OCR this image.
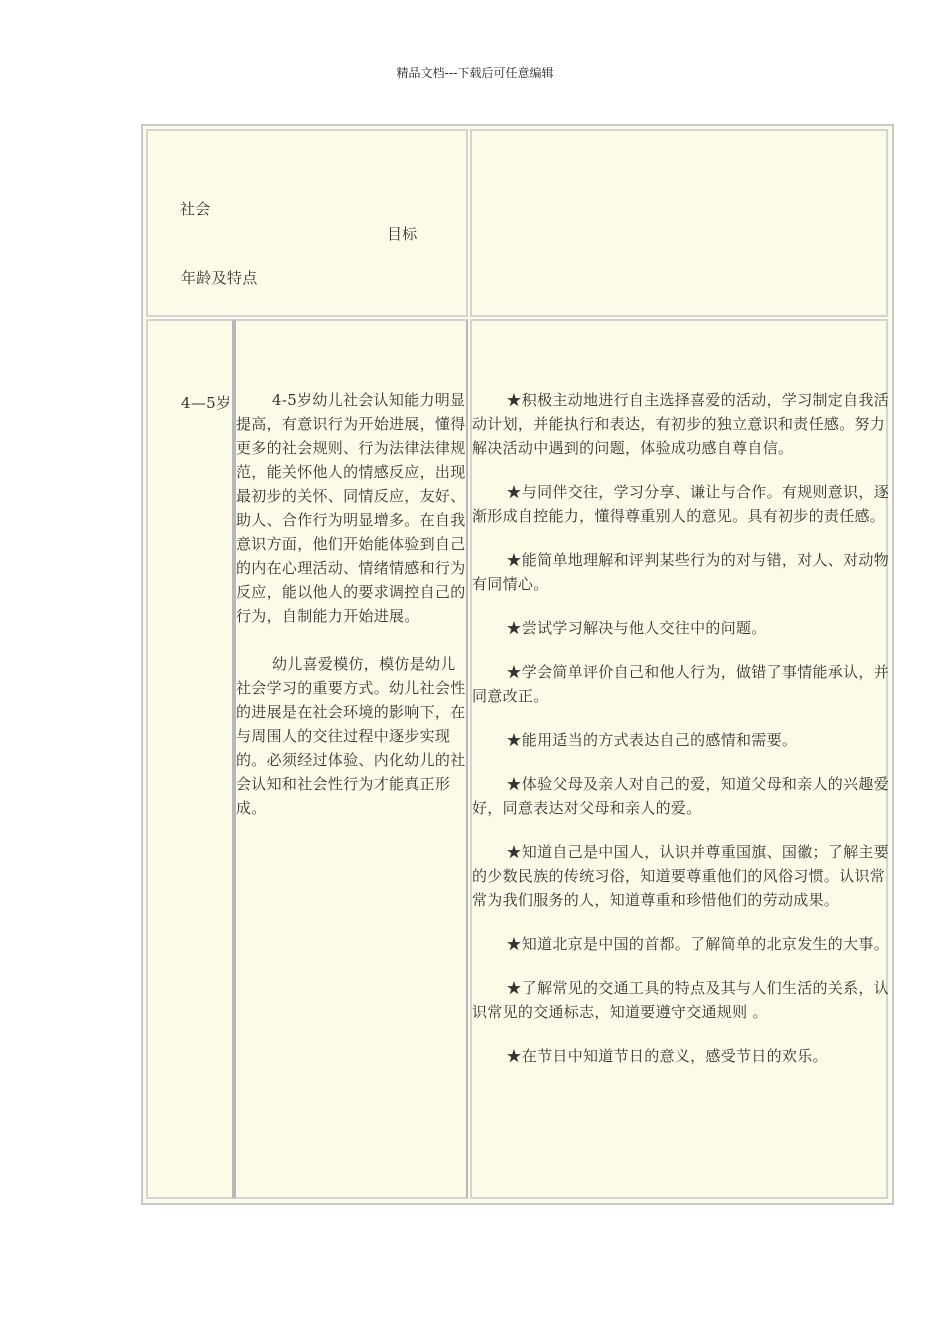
精品文档---下载后可任意编辑
目标
年龄及特点
社会
4—5岁	4-5岁幼儿社会认知能力明显提高，有意识行为开始进展，懂得更多的社会规则、行为法律法律规范，能关怀他人的情感反应，出现最初步的关怀、同情反应，友好、助人、合作行为明显增多。在自我意识方面，他们开始能体验到自己的内在心理活动、情绪情感和行为反应，能以他人的要求调控自己的行为，自制能力开始进展。

幼儿喜爱模仿，模仿是幼儿社会学习的重要方式。幼儿社会性的进展是在社会环境的影响下，在与周围人的交往过程中逐步实现的。必须经过体验、内化幼儿的社会认知和社会性行为才能真正形成。

★积极主动地进行自主选择喜爱的活动，学习制定自我活动计划，并能执行和表达，有初步的独立意识和责任感。努力解决活动中遇到的问题，体验成功感自尊自信。

★与同伴交往，学习分享、谦让与合作。有规则意识，逐渐形成自控能力，懂得尊重别人的意见。具有初步的责任感。

★能简单地理解和评判某些行为的对与错，对人、对动物有同情心。

★尝试学习解决与他人交往中的问题。

★学会简单评价自己和他人行为，做错了事情能承认，并同意改正。

★能用适当的方式表达自己的感情和需要。

★体验父母及亲人对自己的爱，知道父母和亲人的兴趣爱好，同意表达对父母和亲人的爱。

★知道自己是中国人，认识并尊重国旗、国徽；了解主要的少数民族的传统习俗，知道要尊重他们的风俗习惯。认识常常为我们服务的人，知道尊重和珍惜他们的劳动成果。

★知道北京是中国的首都。了解简单的北京发生的大事。

★了解常见的交通工具的特点及其与人们生活的关系，认识常见的交通标志，知道要遵守交通规则 。

★在节日中知道节日的意义，感受节日的欢乐。
